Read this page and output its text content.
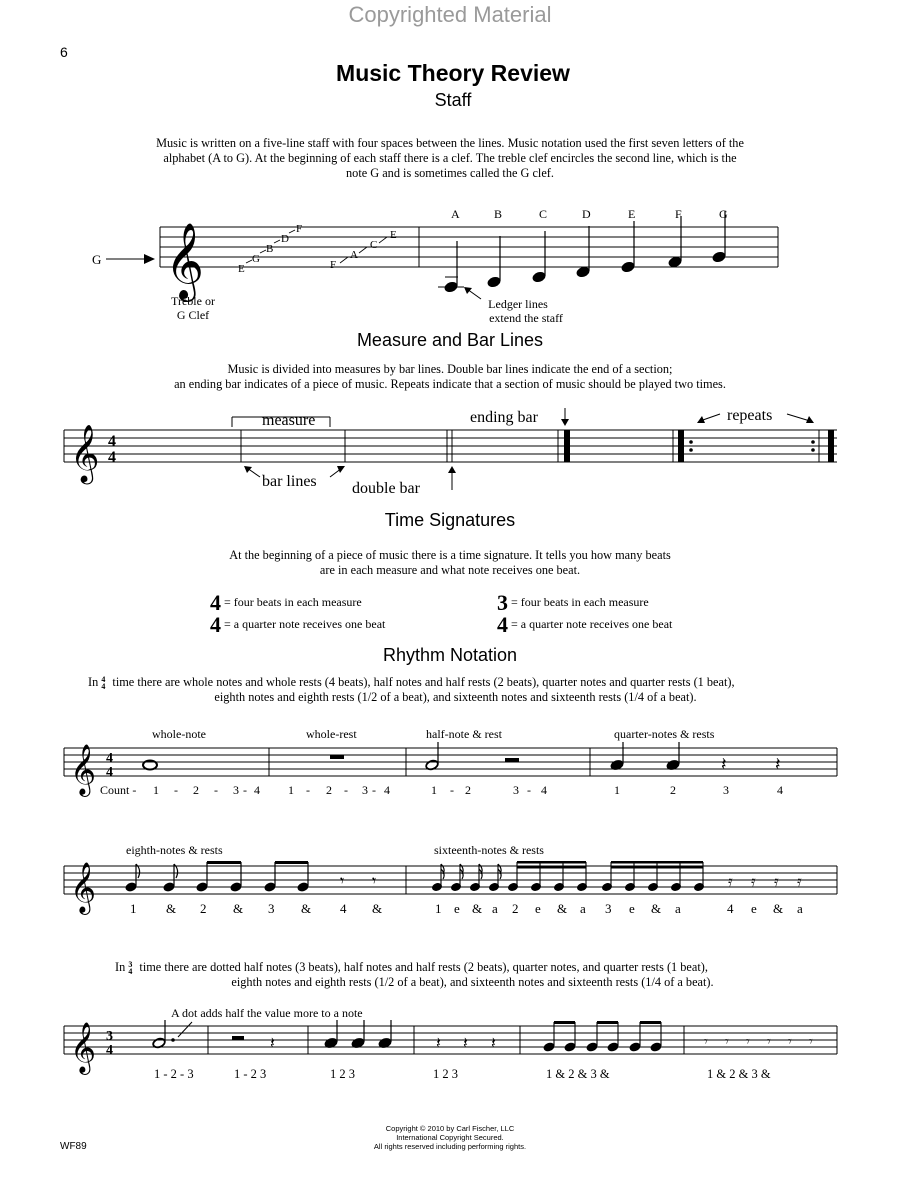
Copyrighted Material
6
Music Theory Review
Staff
Music is written on a five-line staff with four spaces between the lines. Music notation used the first seven letters of the
alphabet (A to G). At the beginning of each staff there is a clef. The treble clef encircles the second line, which is the
note G and is sometimes called the G clef.
𝄞
G
E
G
B
D
F
F
A
C
E
A	B	C	D	E	F	G
Treble or
G Clef
Ledger lines
extend the staff
Measure and Bar Lines
Music is divided into measures by bar lines. Double bar lines indicate the end of a section;
an ending bar indicates of a piece of music. Repeats indicate that a section of music should be played two times.
𝄞 4
4
measure
bar lines double bar
ending bar	repeats
Time Signatures
At the beginning of a piece of music there is a time signature. It tells you how many beats
are in each measure and what note receives one beat.
4 = four beats in each measure
4 = a quarter note receives one beat
3 = four beats in each measure
4 = a quarter note receives one beat
Rhythm Notation
In 4
4 time there are whole notes and whole rests (4 beats), half notes and half rests (2 beats), quarter notes and quarter rests (1 beat),
eighth notes and eighth rests (1/2 of a beat), and sixteenth notes and sixteenth rests (1/4 of a beat).
𝄞 4
4
whole-note	whole-rest	half-note & rest	quarter-notes & rests
𝄽	𝄽
Count - 1 - 2 - 3 - 4 1 - 2 - 3 - 4	1 - 2	3 - 4	1	2	3	4
𝄞
eighth-notes & rests	sixteenth-notes & rests
𝄾 𝄾	𝄿 𝄿 𝄿 𝄿
1 & 2 & 3 & 4 &	1 e & a 2 e & a 3 e & a	4 e & a
In 3
4 time there are dotted half notes (3 beats), half notes and half rests (2 beats), quarter notes, and quarter rests (1 beat),
eighth notes and eighth rests (1/2 of a beat), and sixteenth notes and sixteenth rests (1/4 of a beat).
𝄞 3
4
A dot adds half the value more to a note
𝄽	𝄽 𝄽 𝄽	𝄾 𝄾 𝄾 𝄾 𝄾 𝄾
1 - 2 - 3	1 - 2 3	1 2 3	1 2 3	1 & 2 & 3 &	1 & 2 & 3 &
Copyright © 2010 by Carl Fischer, LLC
International Copyright Secured.
All rights reserved including performing rights.
WF89
